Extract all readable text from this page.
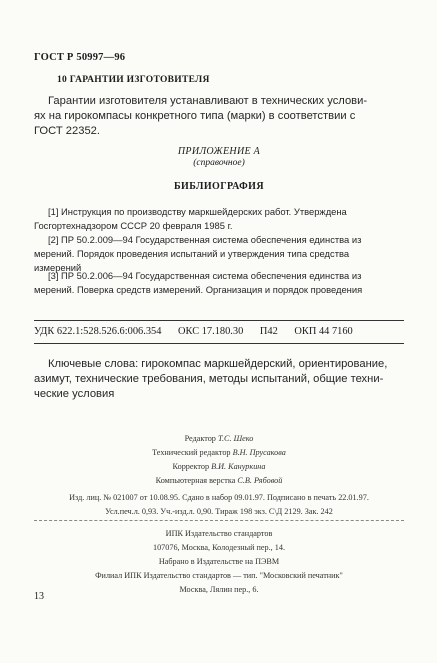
ГОСТ Р 50997—96
10 ГАРАНТИИ ИЗГОТОВИТЕЛЯ
Гарантии изготовителя устанавливают в технических услови-
ях на гирокомпасы конкретного типа (марки) в соответствии с
ГОСТ 22352.
ПРИЛОЖЕНИЕ А
(справочное)
БИБЛИОГРАФИЯ
[1] Инструкция по производству маркшейдерских работ. Утверждена
Госгортехнадзором СССР 20 февраля 1985 г.
[2] ПР 50.2.009—94 Государственная система обеспечения единства из
мерений. Порядок проведения испытаний и утверждения типа средства
измерений
[3] ПР 50.2.006—94 Государственная система обеспечения единства из
мерений. Поверка средств измерений. Организация и порядок проведения
УДК 622.1:528.526.6:006.354 ОКС 17.180.30 П42 ОКП 44 7160
Ключевые слова: гирокомпас маркшейдерский, ориентирование,
азимут, технические требования, методы испытаний, общие техни-
ческие условия
Редактор Т.С. Шеко
Технический редактор В.Н. Прусакова
Корректор В.И. Кануркина
Компьютерная верстка С.В. Рябовой
Изд. лиц. № 021007 от 10.08.95. Сдано в набор 09.01.97. Подписано в печать 22.01.97.
Усл.печ.л. 0,93. Уч.-изд.л. 0,90. Тираж 198 экз. С\Д 2129. Зак. 242
ИПК Издательство стандартов
107076, Москва, Колодезный пер., 14.
Набрано в Издательстве на ПЭВМ
Филиал ИПК Издательство стандартов — тип. "Московский печатник"
Москва, Лялин пер., 6.
13
